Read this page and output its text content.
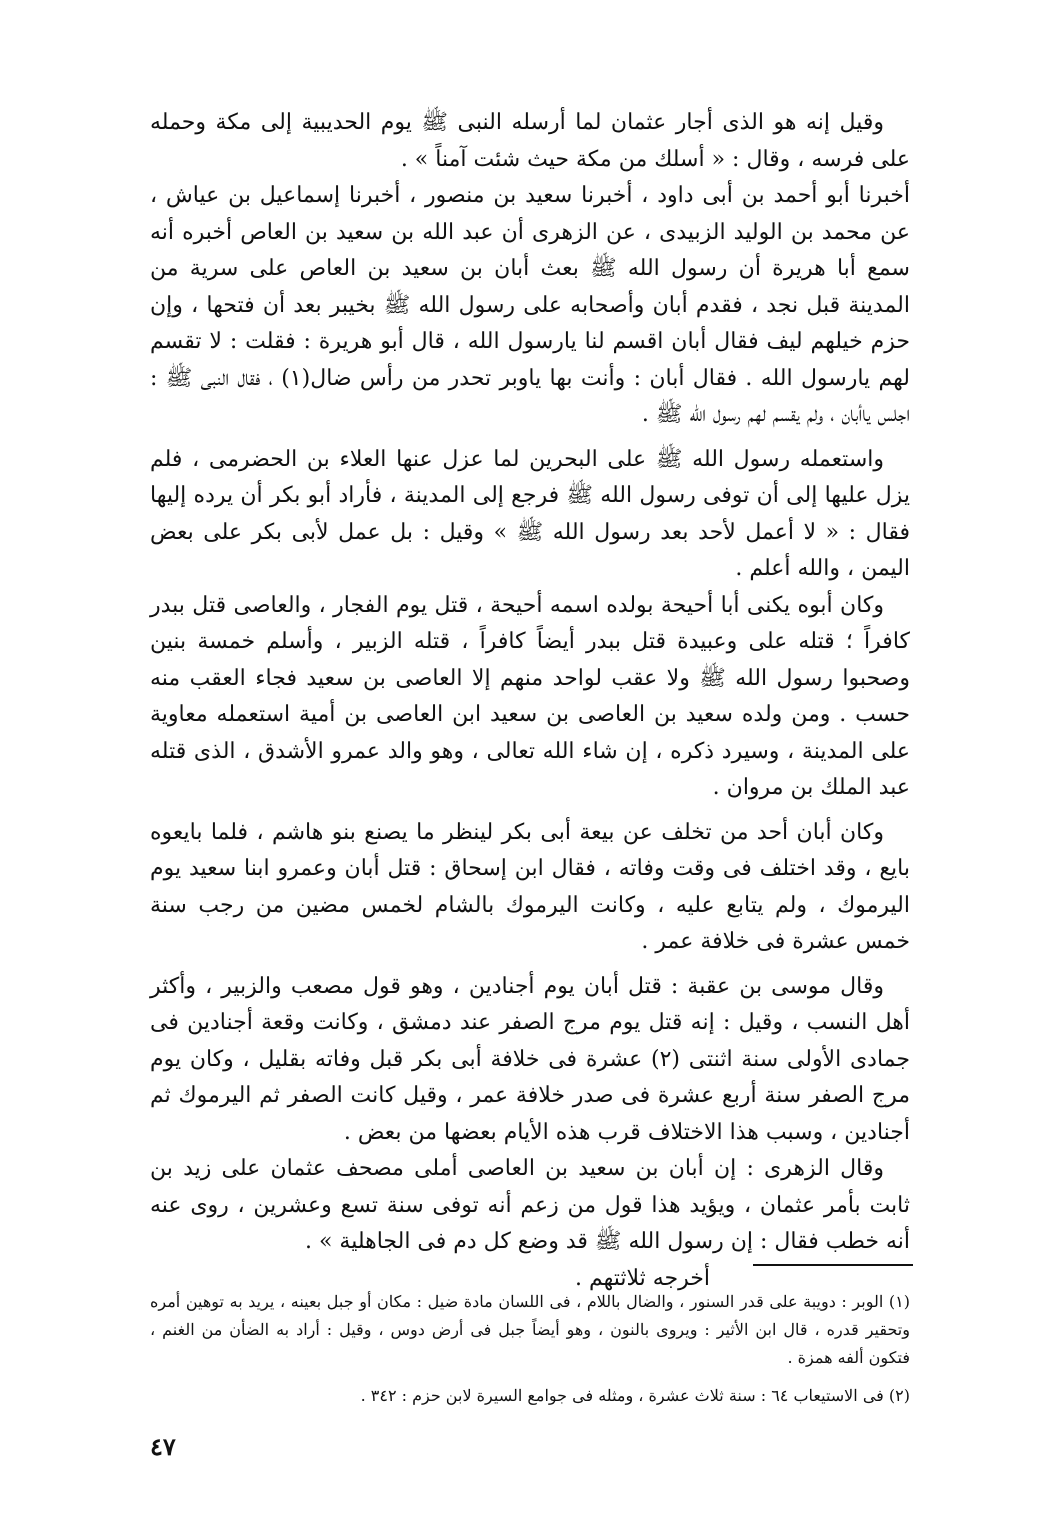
وقيل إنه هو الذى أجار عثمان لما أرسله النبى ﷺ يوم الحديبية إلى مكة وحمله على فرسه ، وقال : « أسلك من مكة حيث شئت آمناً » .

أخبرنا أبو أحمد بن أبى داود ، أخبرنا سعيد بن منصور ، أخبرنا إسماعيل بن عياش ، عن محمد بن الوليد الزبيدى ، عن الزهرى أن عبد الله بن سعيد بن العاص أخبره أنه سمع أبا هريرة أن رسول الله ﷺ بعث أبان بن سعيد بن العاص على سرية من المدينة قبل نجد ، فقدم أبان وأصحابه على رسول الله ﷺ بخيبر بعد أن فتحها ، وإن حزم خيلهم ليف فقال أبان اقسم لنا يارسول الله ، قال أبو هريرة : فقلت : لا تقسم لهم يارسول الله . فقال أبان : وأنت بها ياوبر تحدر من رأس ضال(١) ، فقال النبى ﷺ : اجلس ياأبان ، ولم يقسم لهم رسول الله ﷺ .

واستعمله رسول الله ﷺ على البحرين لما عزل عنها العلاء بن الحضرمى ، فلم يزل عليها إلى أن توفى رسول الله ﷺ فرجع إلى المدينة ، فأراد أبو بكر أن يرده إليها فقال : « لا أعمل لأحد بعد رسول الله ﷺ » وقيل : بل عمل لأبى بكر على بعض اليمن ، والله أعلم .

وكان أبوه يكنى أبا أحيحة بولده اسمه أحيحة ، قتل يوم الفجار ، والعاصى قتل ببدر كافراً ؛ قتله على وعبيدة قتل ببدر أيضاً كافراً ، قتله الزبير ، وأسلم خمسة بنين وصحبوا رسول الله ﷺ ولا عقب لواحد منهم إلا العاصى بن سعيد فجاء العقب منه حسب . ومن ولده سعيد بن العاصى بن سعيد ابن العاصى بن أمية استعمله معاوية على المدينة ، وسيرد ذكره ، إن شاء الله تعالى ، وهو والد عمرو الأشدق ، الذى قتله عبد الملك بن مروان .

وكان أبان أحد من تخلف عن بيعة أبى بكر لينظر ما يصنع بنو هاشم ، فلما بايعوه بايع ، وقد اختلف فى وقت وفاته ، فقال ابن إسحاق : قتل أبان وعمرو ابنا سعيد يوم اليرموك ، ولم يتابع عليه ، وكانت اليرموك بالشام لخمس مضين من رجب سنة خمس عشرة فى خلافة عمر .

وقال موسى بن عقبة : قتل أبان يوم أجنادين ، وهو قول مصعب والزبير ، وأكثر أهل النسب ، وقيل : إنه قتل يوم مرج الصفر عند دمشق ، وكانت وقعة أجنادين فى جمادى الأولى سنة اثنتى (٢) عشرة فى خلافة أبى بكر قبل وفاته بقليل ، وكان يوم مرج الصفر سنة أربع عشرة فى صدر خلافة عمر ، وقيل كانت الصفر ثم اليرموك ثم أجنادين ، وسبب هذا الاختلاف قرب هذه الأيام بعضها من بعض .

وقال الزهرى : إن أبان بن سعيد بن العاصى أملى مصحف عثمان على زيد بن ثابت بأمر عثمان ، ويؤيد هذا قول من زعم أنه توفى سنة تسع وعشرين ، روى عنه أنه خطب فقال : إن رسول الله ﷺ قد وضع كل دم فى الجاهلية » .

أخرجه ثلاثتهم .

(١) الوبر : دويبة على قدر السنور ، والضال باللام ، فى اللسان مادة ضيل : مكان أو جبل بعينه ، يريد به توهين أمره وتحقير قدره ، قال ابن الأثير : ويروى بالنون ، وهو أيضاً جبل فى أرض دوس ، وقيل : أراد به الضأن من الغنم ، فتكون ألفه همزة .

(٢) فى الاستيعاب ٦٤ : سنة ثلاث عشرة ، ومثله فى جوامع السيرة لابن حزم : ٣٤٢ .

٤٧
